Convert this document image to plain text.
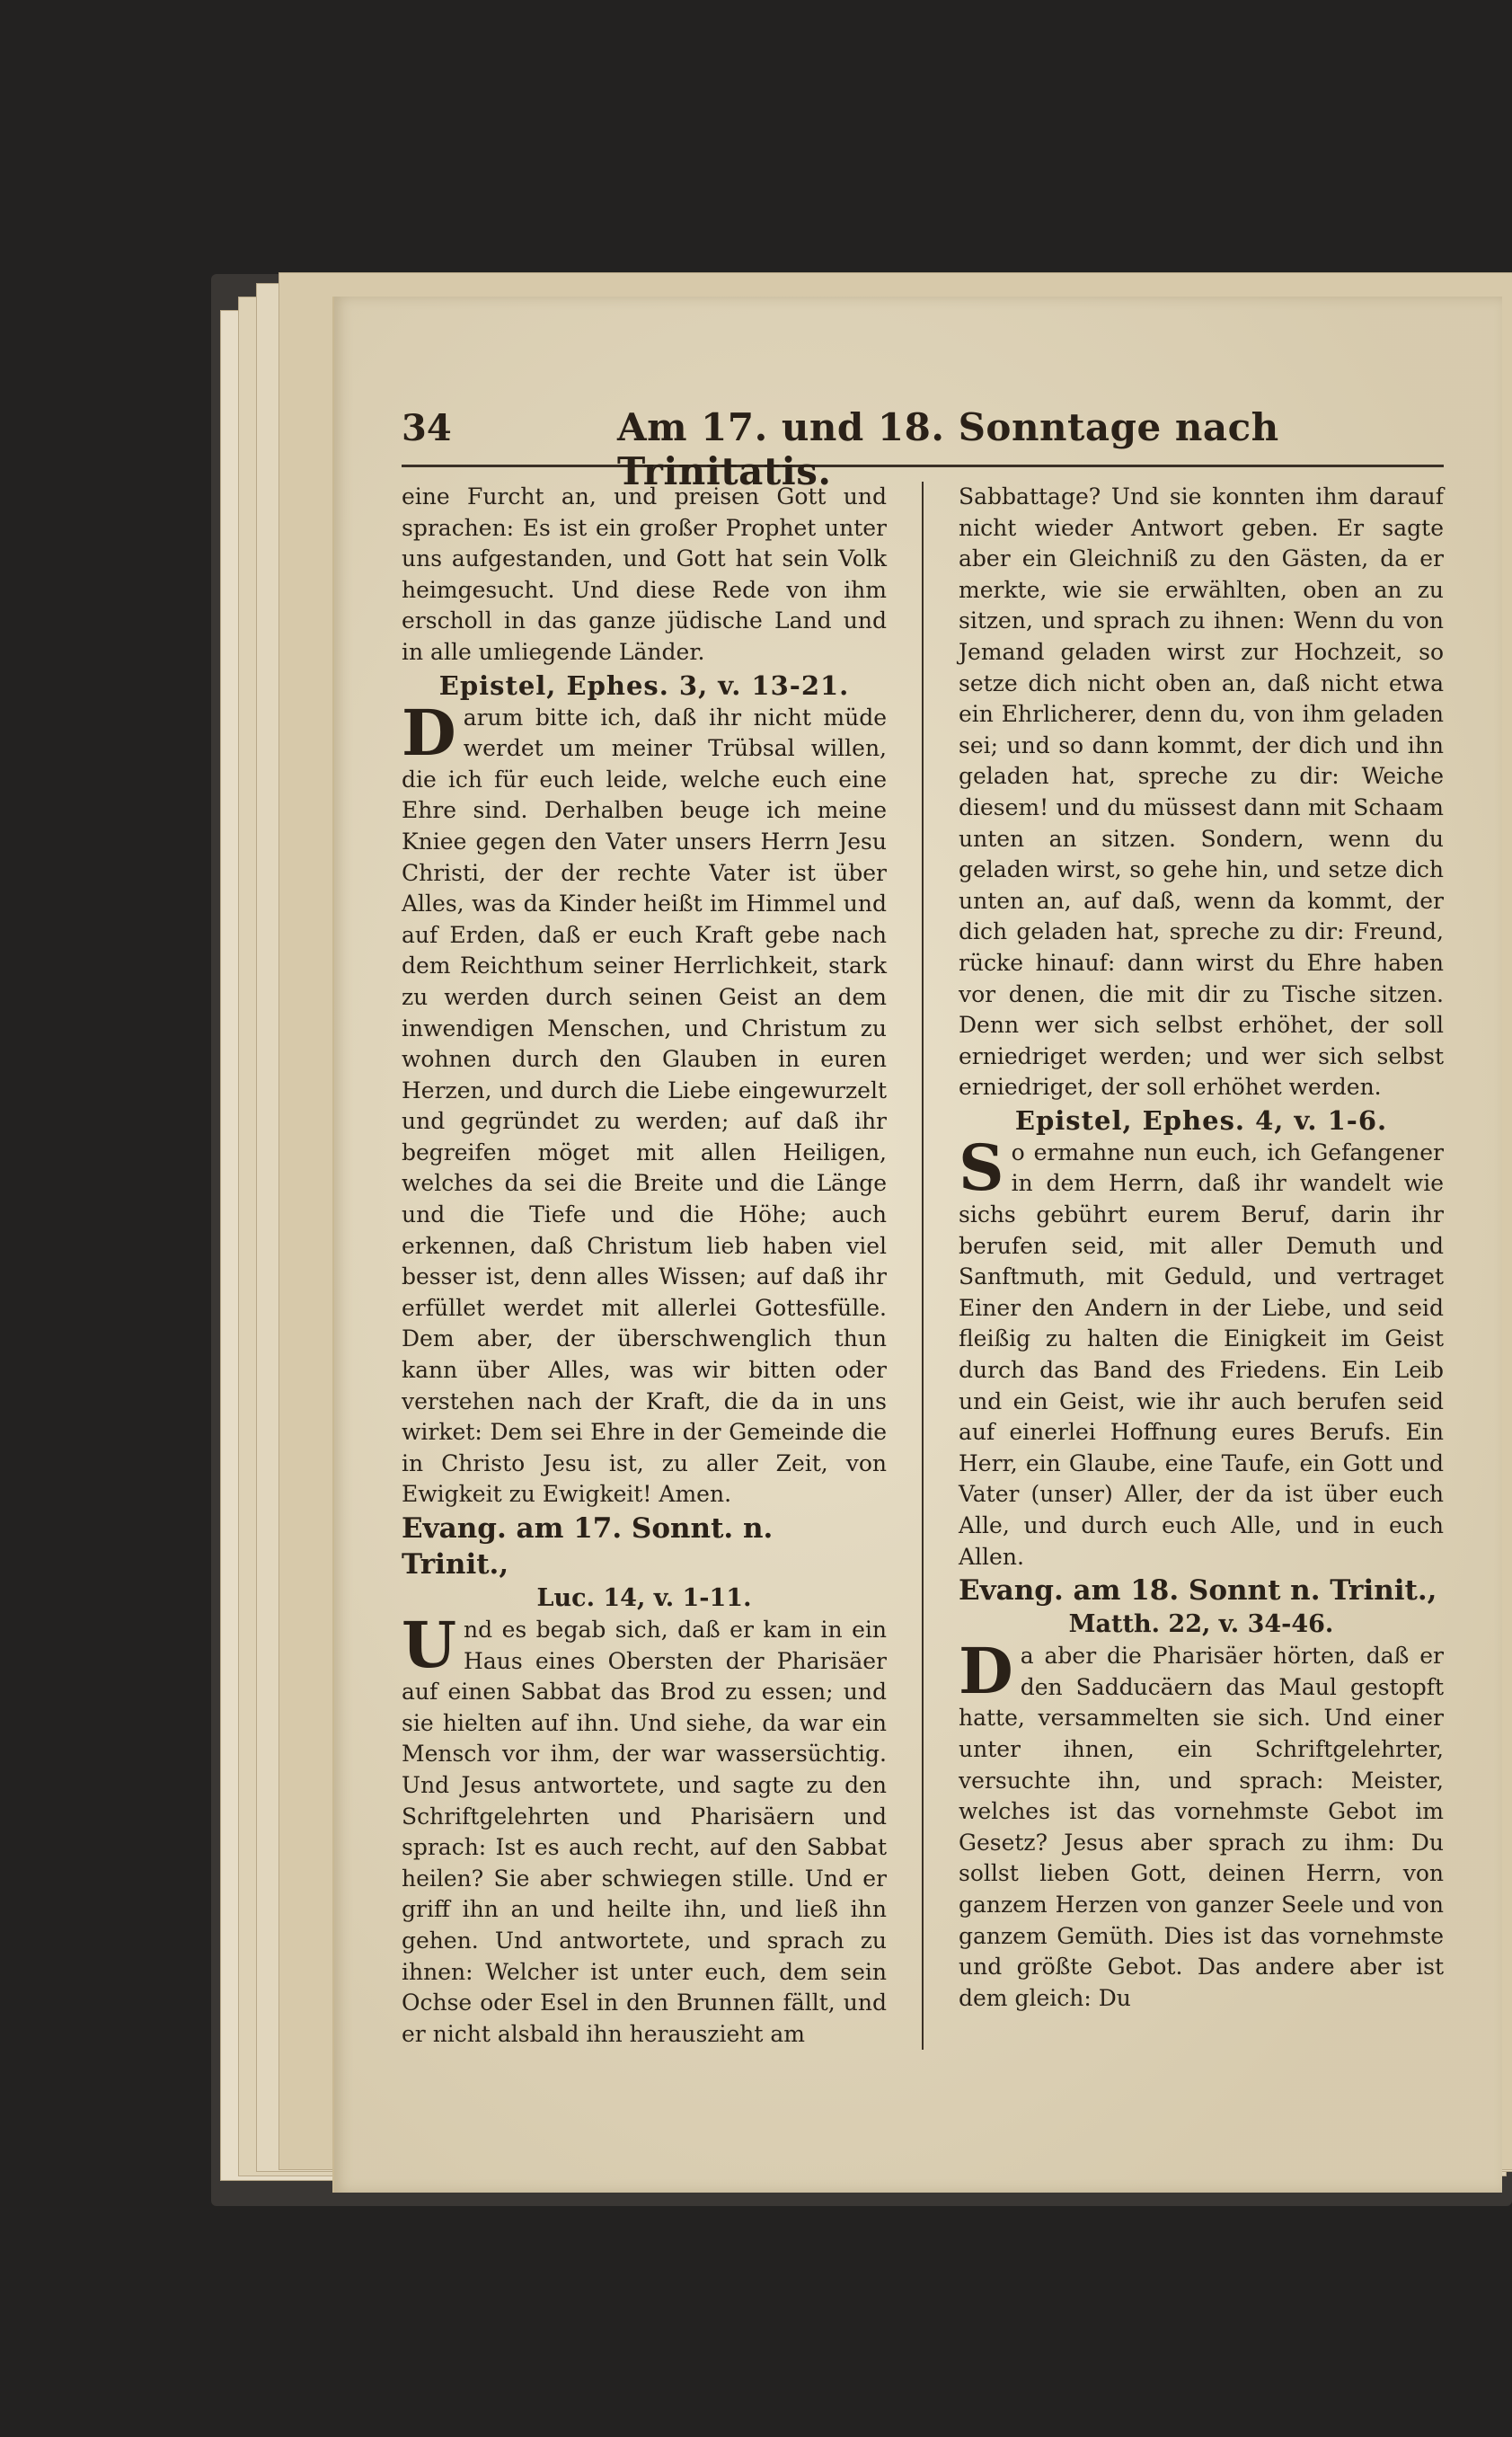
34	Am 17. und 18. Sonntage nach Trinitatis.

eine Furcht an, und preisen Gott und sprachen: Es ist ein großer Prophet unter uns aufgestanden, und Gott hat sein Volk heimgesucht. Und diese Rede von ihm erscholl in das ganze jüdische Land und in alle umliegende Länder.

Epistel, Ephes. 3, v. 13-21.

Darum bitte ich, daß ihr nicht müde werdet um meiner Trübsal willen, die ich für euch leide, welche euch eine Ehre sind. Derhalben beuge ich meine Kniee gegen den Vater unsers Herrn Jesu Christi, der der rechte Vater ist über Alles, was da Kinder heißt im Himmel und auf Erden, daß er euch Kraft gebe nach dem Reichthum seiner Herrlichkeit, stark zu werden durch seinen Geist an dem inwendigen Menschen, und Christum zu wohnen durch den Glauben in euren Herzen, und durch die Liebe eingewurzelt und gegründet zu werden; auf daß ihr begreifen möget mit allen Heiligen, welches da sei die Breite und die Länge und die Tiefe und die Höhe; auch erkennen, daß Christum lieb haben viel besser ist, denn alles Wissen; auf daß ihr erfüllet werdet mit allerlei Gottesfülle. Dem aber, der überschwenglich thun kann über Alles, was wir bitten oder verstehen nach der Kraft, die da in uns wirket: Dem sei Ehre in der Gemeinde die in Christo Jesu ist, zu aller Zeit, von Ewigkeit zu Ewigkeit! Amen.

Evang. am 17. Sonnt. n. Trinit.,
Luc. 14, v. 1-11.

Und es begab sich, daß er kam in ein Haus eines Obersten der Pharisäer auf einen Sabbat das Brod zu essen; und sie hielten auf ihn. Und siehe, da war ein Mensch vor ihm, der war wassersüchtig. Und Jesus antwortete, und sagte zu den Schriftgelehrten und Pharisäern und sprach: Ist es auch recht, auf den Sabbat heilen? Sie aber schwiegen stille. Und er griff ihn an und heilte ihn, und ließ ihn gehen. Und antwortete, und sprach zu ihnen: Welcher ist unter euch, dem sein Ochse oder Esel in den Brunnen fällt, und er nicht alsbald ihn herauszieht am

Sabbattage? Und sie konnten ihm darauf nicht wieder Antwort geben. Er sagte aber ein Gleichniß zu den Gästen, da er merkte, wie sie erwählten, oben an zu sitzen, und sprach zu ihnen: Wenn du von Jemand geladen wirst zur Hochzeit, so setze dich nicht oben an, daß nicht etwa ein Ehrlicherer, denn du, von ihm geladen sei; und so dann kommt, der dich und ihn geladen hat, spreche zu dir: Weiche diesem! und du müssest dann mit Schaam unten an sitzen. Sondern, wenn du geladen wirst, so gehe hin, und setze dich unten an, auf daß, wenn da kommt, der dich geladen hat, spreche zu dir: Freund, rücke hinauf: dann wirst du Ehre haben vor denen, die mit dir zu Tische sitzen. Denn wer sich selbst erhöhet, der soll erniedriget werden; und wer sich selbst erniedriget, der soll erhöhet werden.

Epistel, Ephes. 4, v. 1-6.

So ermahne nun euch, ich Gefangener in dem Herrn, daß ihr wandelt wie sichs gebührt eurem Beruf, darin ihr berufen seid, mit aller Demuth und Sanftmuth, mit Geduld, und vertraget Einer den Andern in der Liebe, und seid fleißig zu halten die Einigkeit im Geist durch das Band des Friedens. Ein Leib und ein Geist, wie ihr auch berufen seid auf einerlei Hoffnung eures Berufs. Ein Herr, ein Glaube, eine Taufe, ein Gott und Vater (unser) Aller, der da ist über euch Alle, und durch euch Alle, und in euch Allen.

Evang. am 18. Sonnt n. Trinit.,
Matth. 22, v. 34-46.

Da aber die Pharisäer hörten, daß er den Sadducäern das Maul gestopft hatte, versammelten sie sich. Und einer unter ihnen, ein Schriftgelehrter, versuchte ihn, und sprach: Meister, welches ist das vornehmste Gebot im Gesetz? Jesus aber sprach zu ihm: Du sollst lieben Gott, deinen Herrn, von ganzem Herzen von ganzer Seele und von ganzem Gemüth. Dies ist das vornehmste und größte Gebot. Das andere aber ist dem gleich: Du
